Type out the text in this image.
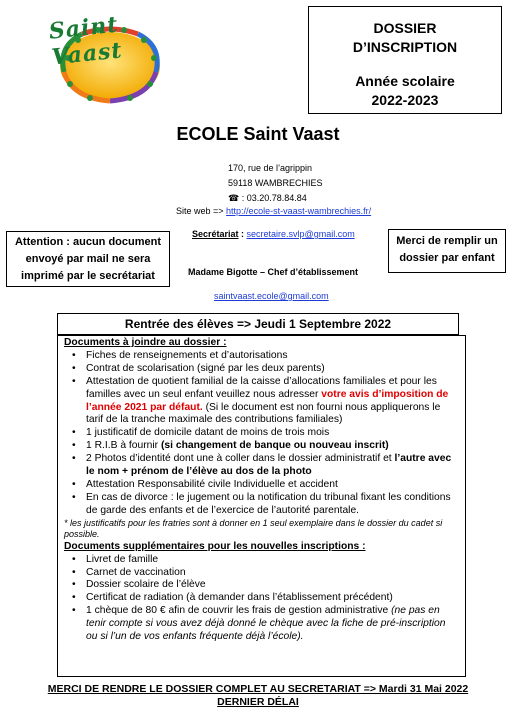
Saint Vaast
DOSSIER
D’INSCRIPTION
Année scolaire
2022-2023
ECOLE Saint Vaast
170, rue de l’agrippin
59118 WAMBRECHIES
☎ : 03.20.78.84.84
Site web => http://ecole-st-vaast-wambrechies.fr/
Attention : aucun document envoyé par mail ne sera imprimé par le secrétariat
Merci de remplir un dossier par enfant
Secrétariat : secretaire.svlp@gmail.com
Madame Bigotte – Chef d’établissement
saintvaast.ecole@gmail.com
Rentrée des élèves => Jeudi 1 Septembre 2022
Documents à joindre au dossier :
• Fiches de renseignements et d’autorisations
• Contrat de scolarisation (signé par les deux parents)
• Attestation de quotient familial de la caisse d’allocations familiales et pour les familles avec un seul enfant veuillez nous adresser votre avis d’imposition de l’année 2021 par défaut. (Si le document est non fourni nous appliquerons le tarif de la tranche maximale des contributions familiales)
• 1 justificatif de domicile datant de moins de trois mois
• 1 R.I.B à fournir (si changement de banque ou nouveau inscrit)
• 2 Photos d’identité dont une à coller dans le dossier administratif et l’autre avec le nom + prénom de l’élève au dos de la photo
• Attestation Responsabilité civile Individuelle et accident
• En cas de divorce : le jugement ou la notification du tribunal fixant les conditions de garde des enfants et de l’exercice de l’autorité parentale.
* les justificatifs pour les fratries sont à donner en 1 seul exemplaire dans le dossier du cadet si possible.
Documents supplémentaires pour les nouvelles inscriptions :
• Livret de famille
• Carnet de vaccination
• Dossier scolaire de l’élève
• Certificat de radiation (à demander dans l’établissement précédent)
• 1 chèque de 80 € afin de couvrir les frais de gestion administrative (ne pas en tenir compte si vous avez déjà donné le chèque avec la fiche de pré-inscription ou si l’un de vos enfants fréquente déjà l’école).
MERCI DE RENDRE LE DOSSIER COMPLET AU SECRETARIAT => Mardi 31 Mai 2022
DERNIER DÉLAI
